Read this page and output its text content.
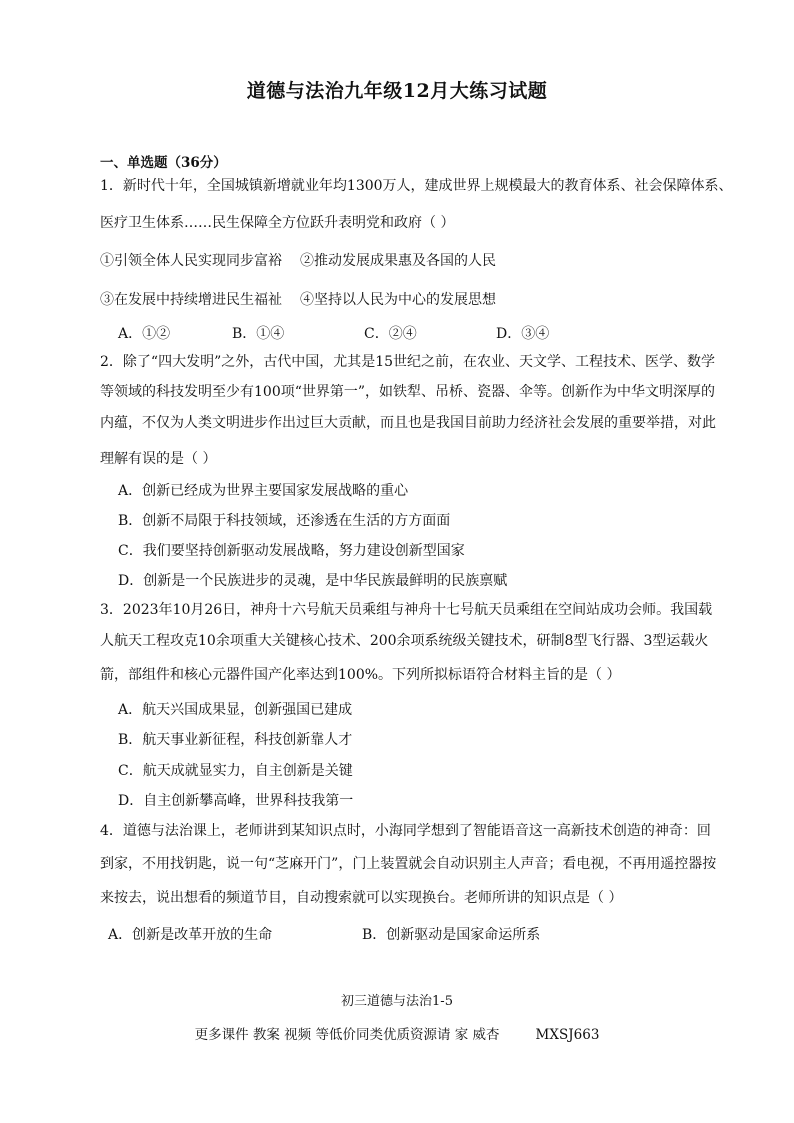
道德与法治九年级12月大练习试题
一、单选题（36分）
1．新时代十年，全国城镇新增就业年均1300万人，建成世界上规模最大的教育体系、社会保障体系、
医疗卫生体系……民生保障全方位跃升表明党和政府（ ）
①引领全体人民实现同步富裕 ②推动发展成果惠及各国的人民
③在发展中持续增进民生福祉 ④坚持以人民为中心的发展思想
A．①②	B．①④	C．②④	D．③④
2．除了“四大发明”之外，古代中国，尤其是15世纪之前，在农业、天文学、工程技术、医学、数学
等领域的科技发明至少有100项“世界第一”，如铁犁、吊桥、瓷器、伞等。创新作为中华文明深厚的
内蕴，不仅为人类文明进步作出过巨大贡献，而且也是我国目前助力经济社会发展的重要举措，对此
理解有误的是（ ）
A．创新已经成为世界主要国家发展战略的重心
B．创新不局限于科技领域，还渗透在生活的方方面面
C．我们要坚持创新驱动发展战略，努力建设创新型国家
D．创新是一个民族进步的灵魂，是中华民族最鲜明的民族禀赋
3．2023年10月26日，神舟十六号航天员乘组与神舟十七号航天员乘组在空间站成功会师。我国载
人航天工程攻克10余项重大关键核心技术、200余项系统级关键技术，研制8型飞行器、3型运载火
箭，部组件和核心元器件国产化率达到100%。下列所拟标语符合材料主旨的是（ ）
A．航天兴国成果显，创新强国已建成
B．航天事业新征程，科技创新靠人才
C．航天成就显实力，自主创新是关键
D．自主创新攀高峰，世界科技我第一
4．道德与法治课上，老师讲到某知识点时，小海同学想到了智能语音这一高新技术创造的神奇：回
到家，不用找钥匙，说一句“芝麻开门”，门上装置就会自动识别主人声音；看电视，不再用遥控器按
来按去，说出想看的频道节目，自动搜索就可以实现换台。老师所讲的知识点是（ ）
A．创新是改革开放的生命	B．创新驱动是国家命运所系
初三道德与法治1-5
更多课件 教案 视频 等低价同类优质资源请 家 威杏	MXSJ663
